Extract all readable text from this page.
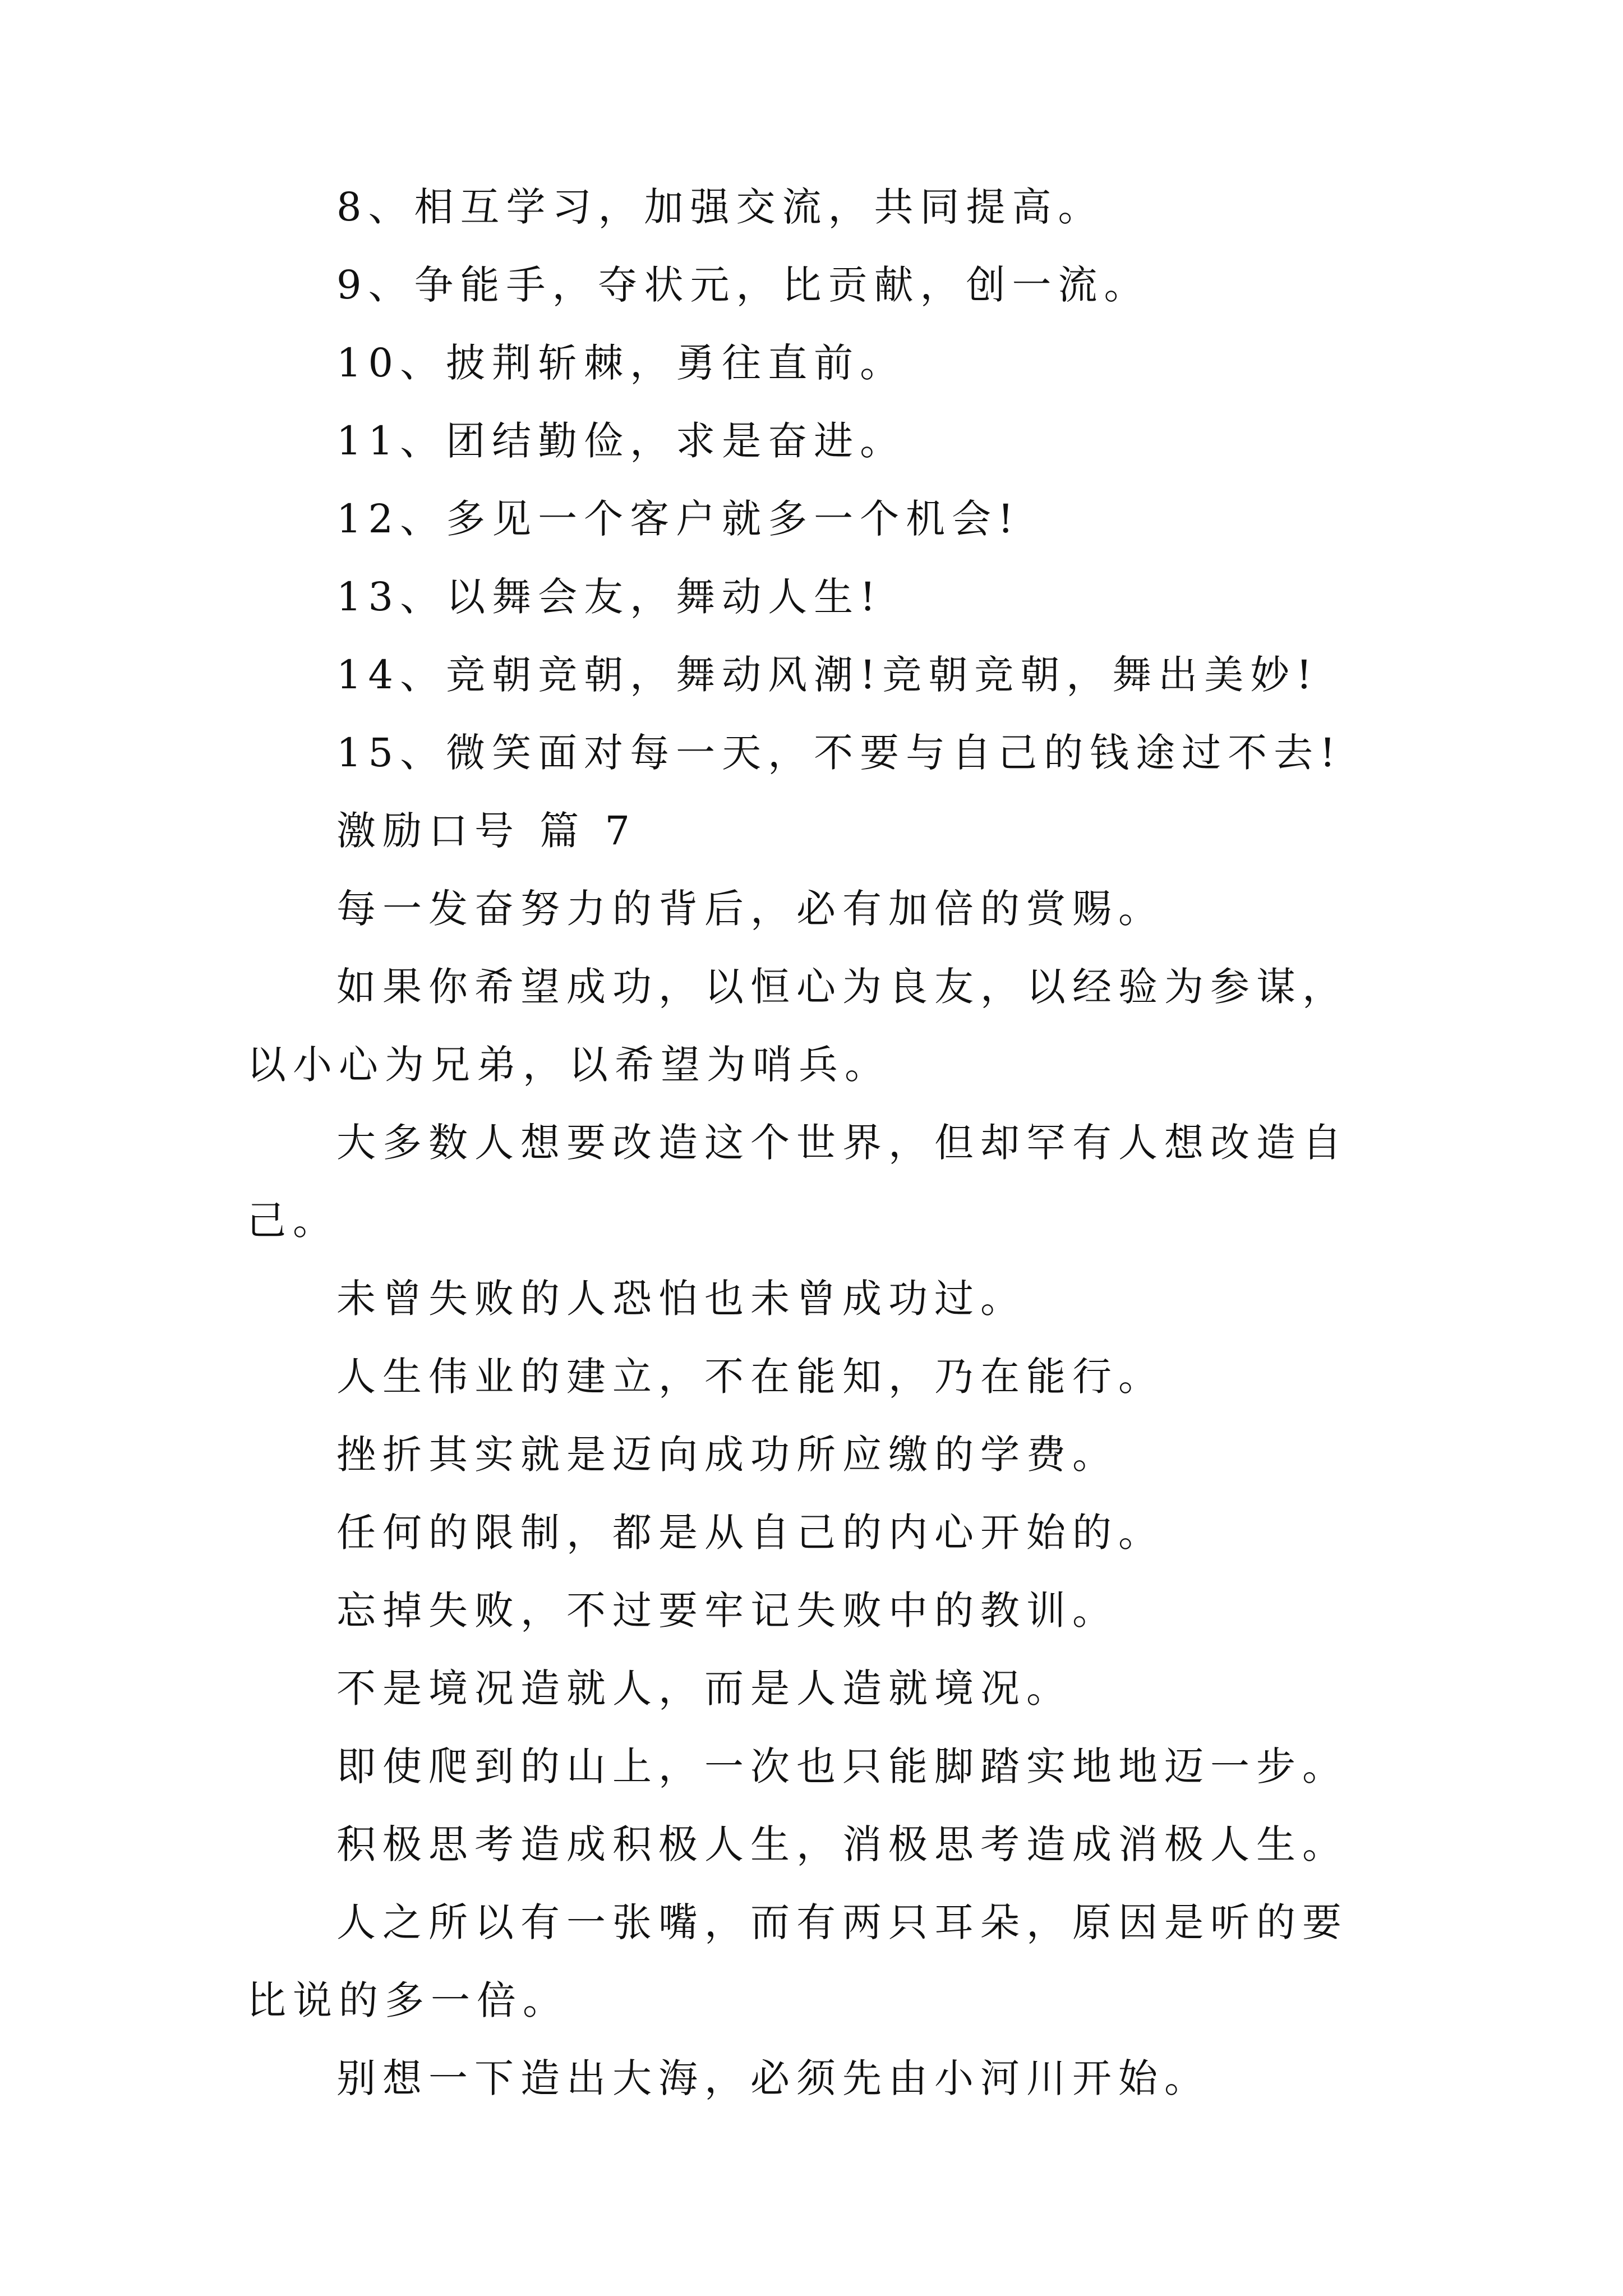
8、相互学习，加强交流，共同提高。

9、争能手，夺状元，比贡献，创一流。

10、披荆斩棘，勇往直前。

11、团结勤俭，求是奋进。

12、多见一个客户就多一个机会!

13、以舞会友，舞动人生!

14、竞朝竞朝，舞动风潮!竞朝竞朝，舞出美妙!

15、微笑面对每一天，不要与自己的钱途过不去!

激励口号 篇 7

每一发奋努力的背后，必有加倍的赏赐。

如果你希望成功，以恒心为良友，以经验为参谋，以小心为兄弟，以希望为哨兵。

大多数人想要改造这个世界，但却罕有人想改造自己。

未曾失败的人恐怕也未曾成功过。

人生伟业的建立，不在能知，乃在能行。

挫折其实就是迈向成功所应缴的学费。

任何的限制，都是从自己的内心开始的。

忘掉失败，不过要牢记失败中的教训。

不是境况造就人，而是人造就境况。

即使爬到的山上，一次也只能脚踏实地地迈一步。

积极思考造成积极人生，消极思考造成消极人生。

人之所以有一张嘴，而有两只耳朵，原因是听的要比说的多一倍。

别想一下造出大海，必须先由小河川开始。
